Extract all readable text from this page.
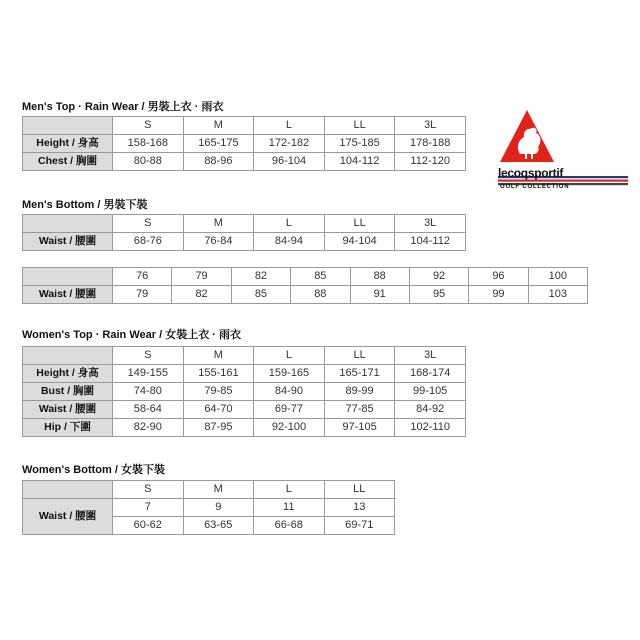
Men's Top · Rain Wear / 男裝上衣 · 雨衣
	S	M	L	LL	3L
Height / 身高	158-168	165-175	172-182	175-185	178-188
Chest / 胸圍	80-88	88-96	96-104	104-112	112-120
lecoqsportif
GOLF COLLECTION
Men's Bottom / 男裝下裝
	S	M	L	LL	3L
Waist / 腰圍	68-76	76-84	84-94	94-104	104-112
	76	79	82	85	88	92	96	100
Waist / 腰圍	79	82	85	88	91	95	99	103
Women's Top · Rain Wear / 女裝上衣 · 雨衣
	S	M	L	LL	3L
Height / 身高	149-155	155-161	159-165	165-171	168-174
Bust / 胸圍	74-80	79-85	84-90	89-99	99-105
Waist / 腰圍	58-64	64-70	69-77	77-85	84-92
Hip / 下圍	82-90	87-95	92-100	97-105	102-110
Women's Bottom / 女裝下裝
	S	M	L	LL
Waist / 腰圍	7	9	11	13
	60-62	63-65	66-68	69-71
